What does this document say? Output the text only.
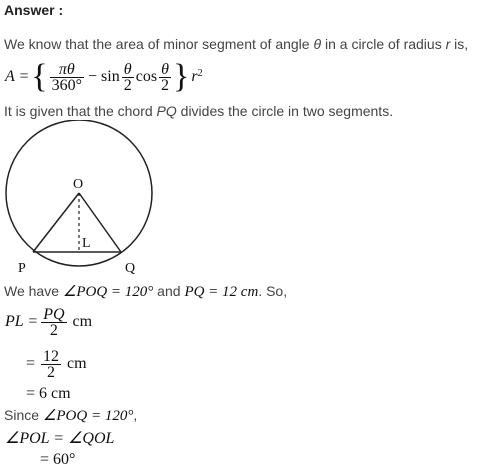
Answer :
We know that the area of minor segment of angle θ in a circle of radius r is,
A = { $\frac{\pi\theta}{360^\circ} - \sin \frac{\theta}{2}$ $\cos \frac{\theta}{2}$ } $r^2$
It is given that the chord PQ divides the circle in two segments.
O
L
P	Q
We have ∠POQ = 120° and PQ = 12 cm. So,
PL = $\frac{PQ}{2}$ cm
= $\frac{12}{2}$ cm
= 6 cm
Since ∠POQ = 120°,
∠POL = ∠QOL
= 60°
